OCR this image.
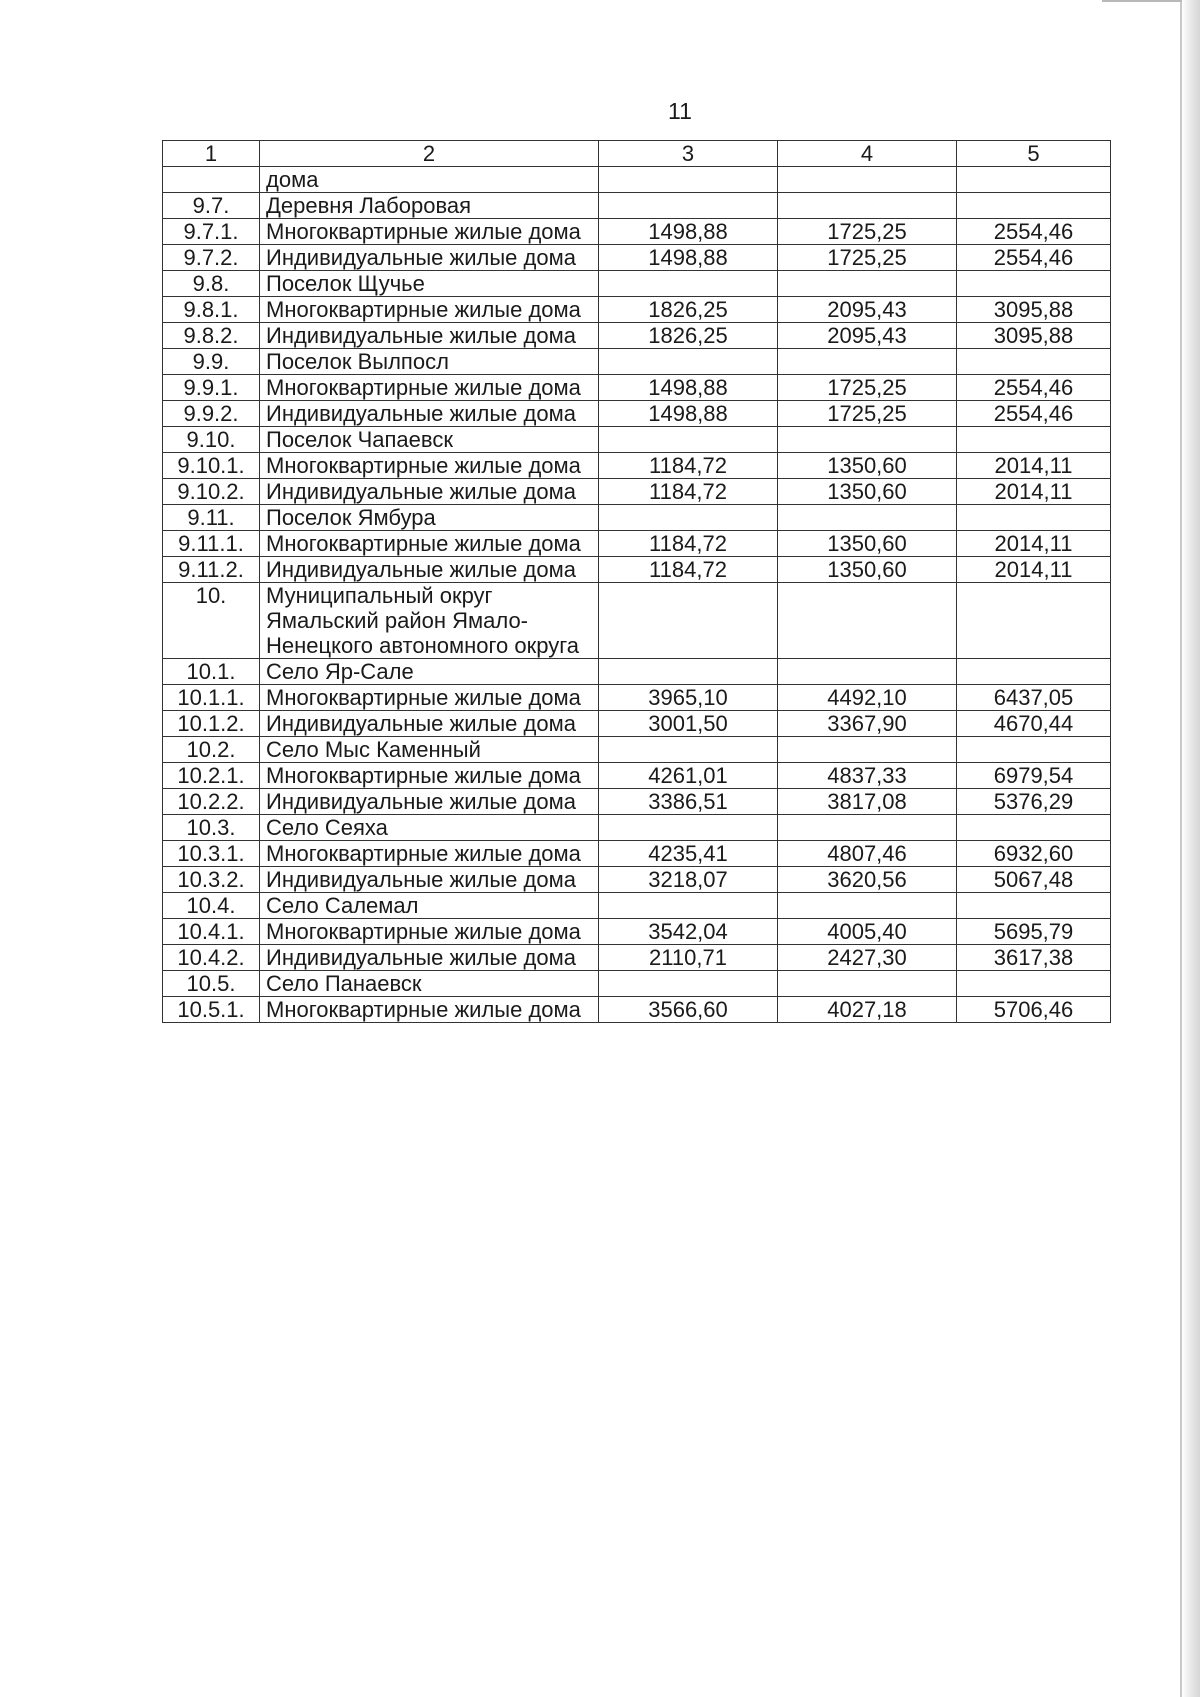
11
1	2	3	4	5
	дома			
9.7.	Деревня Лаборовая			
9.7.1.	Многоквартирные жилые дома	1498,88	1725,25	2554,46
9.7.2.	Индивидуальные жилые дома	1498,88	1725,25	2554,46
9.8.	Поселок Щучье			
9.8.1.	Многоквартирные жилые дома	1826,25	2095,43	3095,88
9.8.2.	Индивидуальные жилые дома	1826,25	2095,43	3095,88
9.9.	Поселок Вылпосл			
9.9.1.	Многоквартирные жилые дома	1498,88	1725,25	2554,46
9.9.2.	Индивидуальные жилые дома	1498,88	1725,25	2554,46
9.10.	Поселок Чапаевск			
9.10.1.	Многоквартирные жилые дома	1184,72	1350,60	2014,11
9.10.2.	Индивидуальные жилые дома	1184,72	1350,60	2014,11
9.11.	Поселок Ямбура			
9.11.1.	Многоквартирные жилые дома	1184,72	1350,60	2014,11
9.11.2.	Индивидуальные жилые дома	1184,72	1350,60	2014,11
10.	Муниципальный округ Ямальский район Ямало-Ненецкого автономного округа			
10.1.	Село Яр-Сале			
10.1.1.	Многоквартирные жилые дома	3965,10	4492,10	6437,05
10.1.2.	Индивидуальные жилые дома	3001,50	3367,90	4670,44
10.2.	Село Мыс Каменный			
10.2.1.	Многоквартирные жилые дома	4261,01	4837,33	6979,54
10.2.2.	Индивидуальные жилые дома	3386,51	3817,08	5376,29
10.3.	Село Сеяха			
10.3.1.	Многоквартирные жилые дома	4235,41	4807,46	6932,60
10.3.2.	Индивидуальные жилые дома	3218,07	3620,56	5067,48
10.4.	Село Салемал			
10.4.1.	Многоквартирные жилые дома	3542,04	4005,40	5695,79
10.4.2.	Индивидуальные жилые дома	2110,71	2427,30	3617,38
10.5.	Село Панаевск			
10.5.1.	Многоквартирные жилые дома	3566,60	4027,18	5706,46
